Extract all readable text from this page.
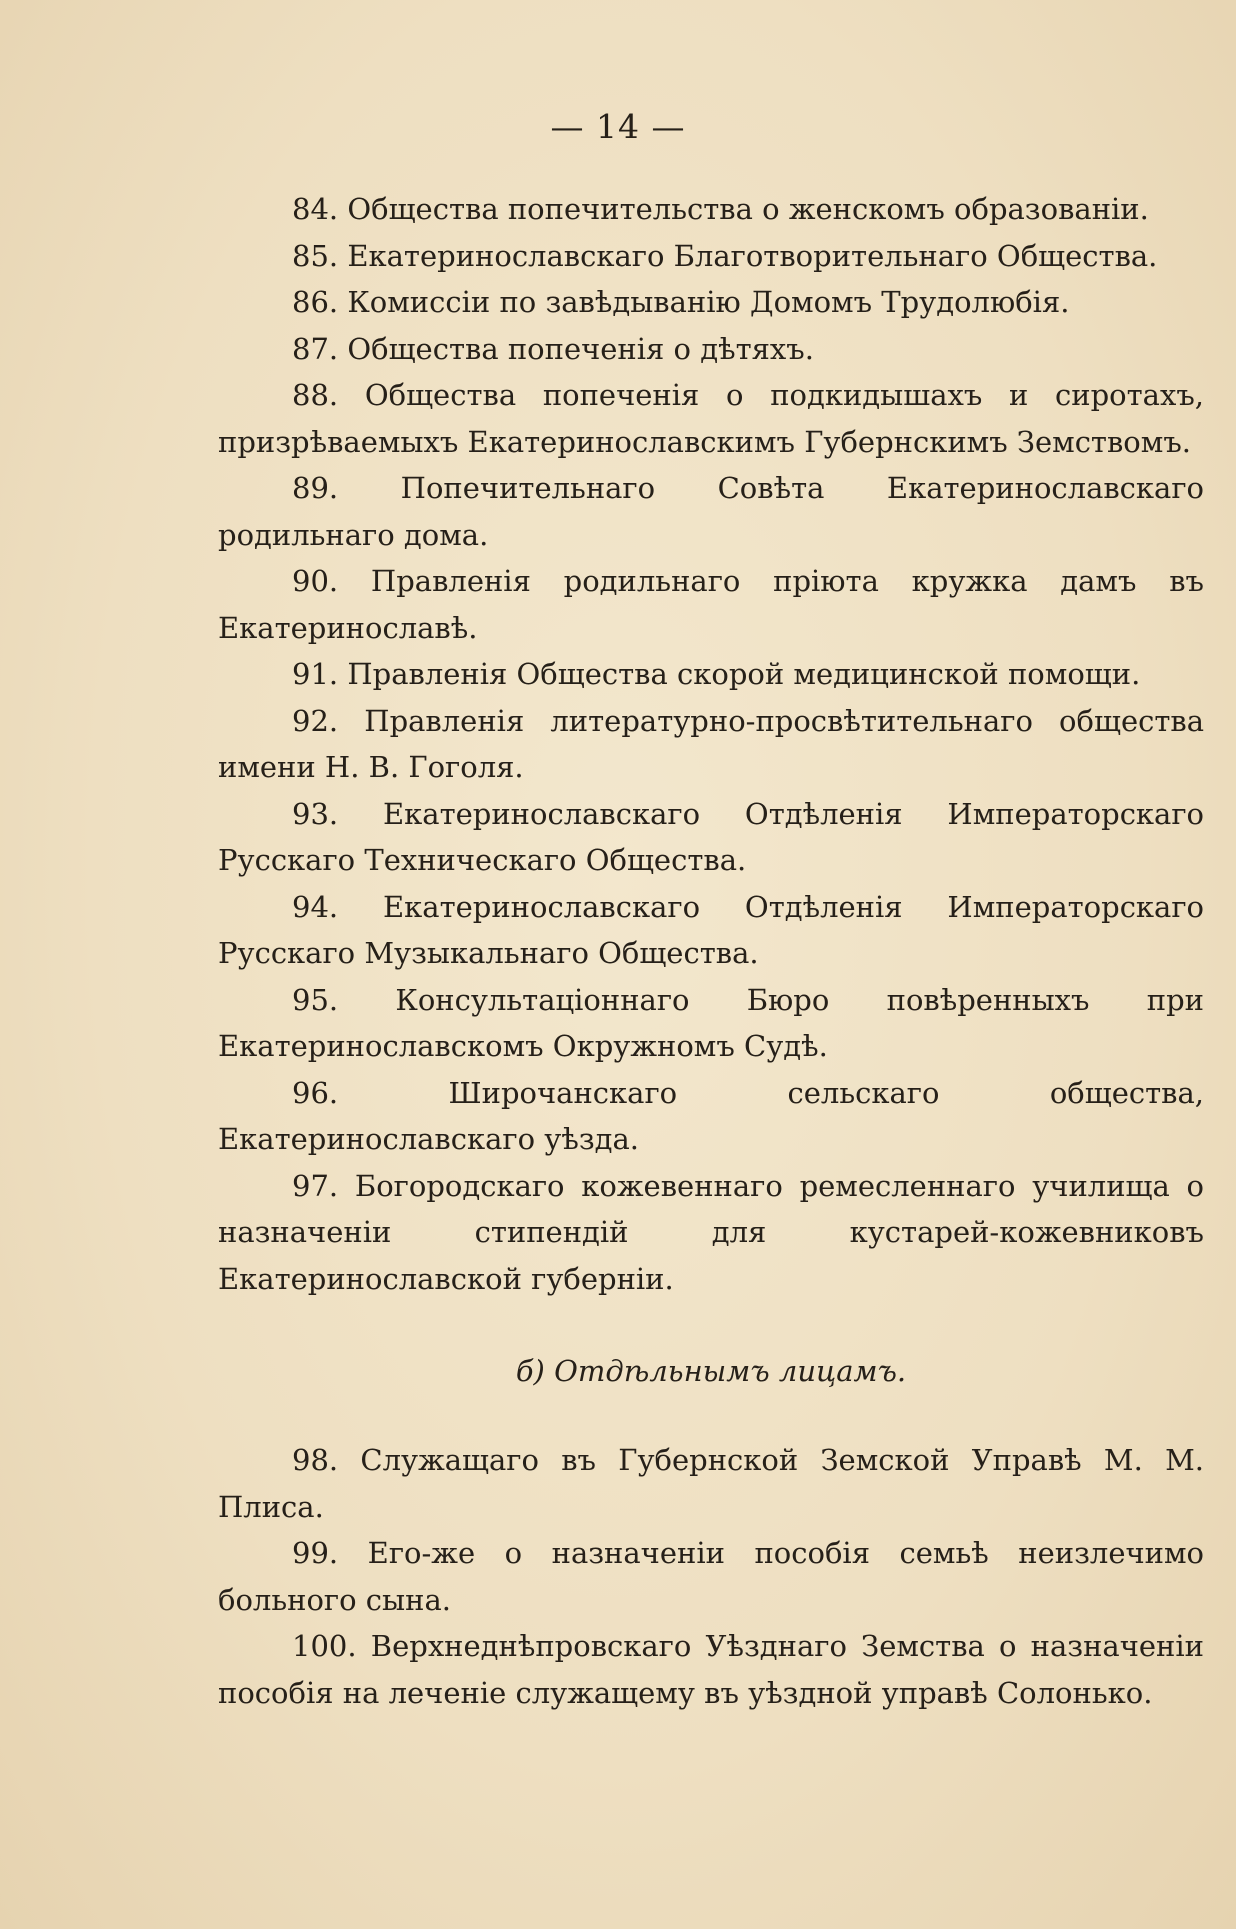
— 14 —

84. Общества попечительства о женскомъ образованіи.

85. Екатеринославскаго Благотворительнаго Общества.

86. Комиссіи по завѣдыванію Домомъ Трудолюбія.

87. Общества попеченія о дѣтяхъ.

88. Общества попеченія о подкидышахъ и сиротахъ, призрѣваемыхъ Екатеринославскимъ Губернскимъ Земствомъ.

89. Попечительнаго Совѣта Екатеринославскаго родильнаго дома.

90. Правленія родильнаго пріюта кружка дамъ въ Екатеринославѣ.

91. Правленія Общества скорой медицинской помощи.

92. Правленія литературно-просвѣтительнаго общества имени Н. В. Гоголя.

93. Екатеринославскаго Отдѣленія Императорскаго Русскаго Техническаго Общества.

94. Екатеринославскаго Отдѣленія Императорскаго Русскаго Музыкальнаго Общества.

95. Консультаціоннаго Бюро повѣренныхъ при Екатеринославскомъ Окружномъ Судѣ.

96.	Широчанскаго сельскаго общества, Екатеринославскаго уѣзда.

97. Богородскаго кожевеннаго ремесленнаго училища о назначеніи стипендій для кустарей-кожевниковъ Екатеринославской губерніи.

б) Отдѣльнымъ лицамъ.

98. Служащаго въ Губернской Земской Управѣ М. М. Плиса.

99. Его-же о назначеніи пособія семьѣ неизлечимо больного сына.

100. Верхнеднѣпровскаго Уѣзднаго Земства о назначеніи пособія на леченіе служащему въ уѣздной управѣ Солонько.
